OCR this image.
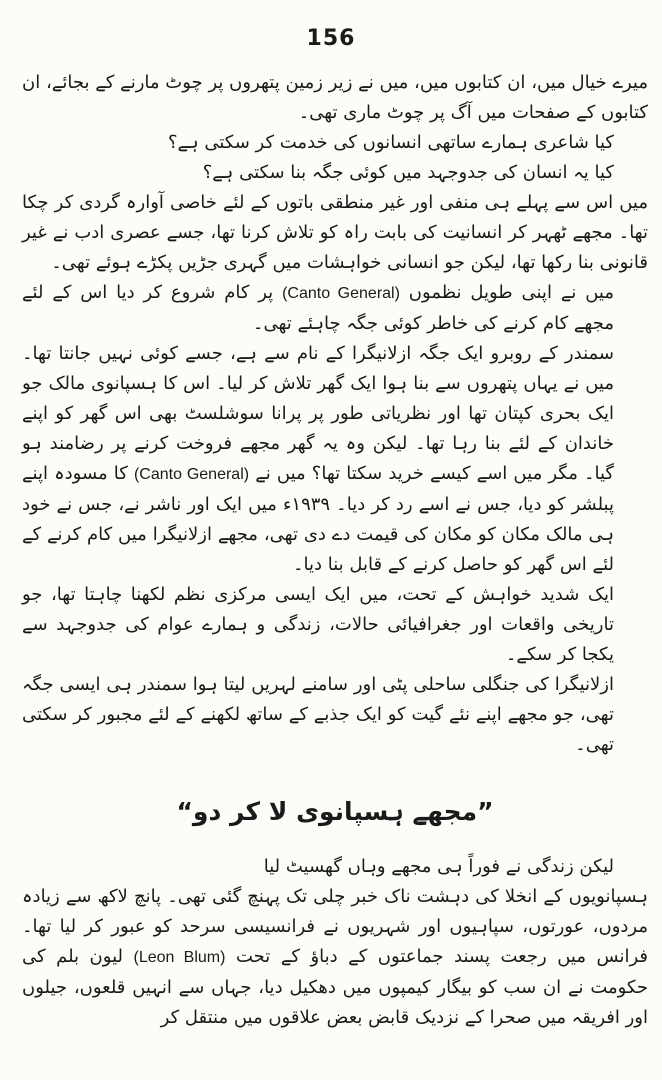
156

میرے خیال میں، ان کتابوں میں، میں نے زیر زمین پتھروں پر چوٹ مارنے کے بجائے، ان کتابوں کے صفحات میں آگ پر چوٹ ماری تھی۔

کیا شاعری ہمارے ساتھی انسانوں کی خدمت کر سکتی ہے؟

کیا یہ انسان کی جدوجہد میں کوئی جگہ بنا سکتی ہے؟

میں اس سے پہلے ہی منفی اور غیر منطقی باتوں کے لئے خاصی آوارہ گردی کر چکا تھا۔ مجھے ٹھہر کر انسانیت کی بابت راہ کو تلاش کرنا تھا، جسے عصری ادب نے غیر قانونی بنا رکھا تھا، لیکن جو انسانی خواہشات میں گہری جڑیں پکڑے ہوئے تھی۔

میں نے اپنی طویل نظموں (Canto General) پر کام شروع کر دیا اس کے لئے مجھے کام کرنے کی خاطر کوئی جگہ چاہئے تھی۔

سمندر کے روبرو ایک جگہ ازلانیگرا کے نام سے ہے، جسے کوئی نہیں جانتا تھا۔ میں نے یہاں پتھروں سے بنا ہوا ایک گھر تلاش کر لیا۔ اس کا ہسپانوی مالک جو ایک بحری کپتان تھا اور نظریاتی طور پر پرانا سوشلسٹ بھی اس گھر کو اپنے خاندان کے لئے بنا رہا تھا۔ لیکن وہ یہ گھر مجھے فروخت کرنے پر رضامند ہو گیا۔ مگر میں اسے کیسے خرید سکتا تھا؟ میں نے (Canto General) کا مسودہ اپنے پبلشر کو دیا، جس نے اسے رد کر دیا۔ ۱۹۳۹ء میں ایک اور ناشر نے، جس نے خود ہی مالک مکان کو مکان کی قیمت دے دی تھی، مجھے ازلانیگرا میں کام کرنے کے لئے اس گھر کو حاصل کرنے کے قابل بنا دیا۔

ایک شدید خواہش کے تحت، میں ایک ایسی مرکزی نظم لکھنا چاہتا تھا، جو تاریخی واقعات اور جغرافیائی حالات، زندگی و ہمارے عوام کی جدوجہد سے یکجا کر سکے۔

ازلانیگرا کی جنگلی ساحلی پٹی اور سامنے لہریں لیتا ہوا سمندر ہی ایسی جگہ تھی، جو مجھے اپنے نئے گیت کو ایک جذبے کے ساتھ لکھنے کے لئے مجبور کر سکتی تھی۔

”مجھے ہسپانوی لا کر دو“

لیکن زندگی نے فوراً ہی مجھے وہاں گھسیٹ لیا

ہسپانویوں کے انخلا کی دہشت ناک خبر چلی تک پہنچ گئی تھی۔ پانچ لاکھ سے زیادہ مردوں، عورتوں، سپاہیوں اور شہریوں نے فرانسیسی سرحد کو عبور کر لیا تھا۔ فرانس میں رجعت پسند جماعتوں کے دباؤ کے تحت (Leon Blum) لیون بلم کی حکومت نے ان سب کو بیگار کیمپوں میں دھکیل دیا، جہاں سے انہیں قلعوں، جیلوں اور افریقہ میں صحرا کے نزدیک قابض بعض علاقوں میں منتقل کر
